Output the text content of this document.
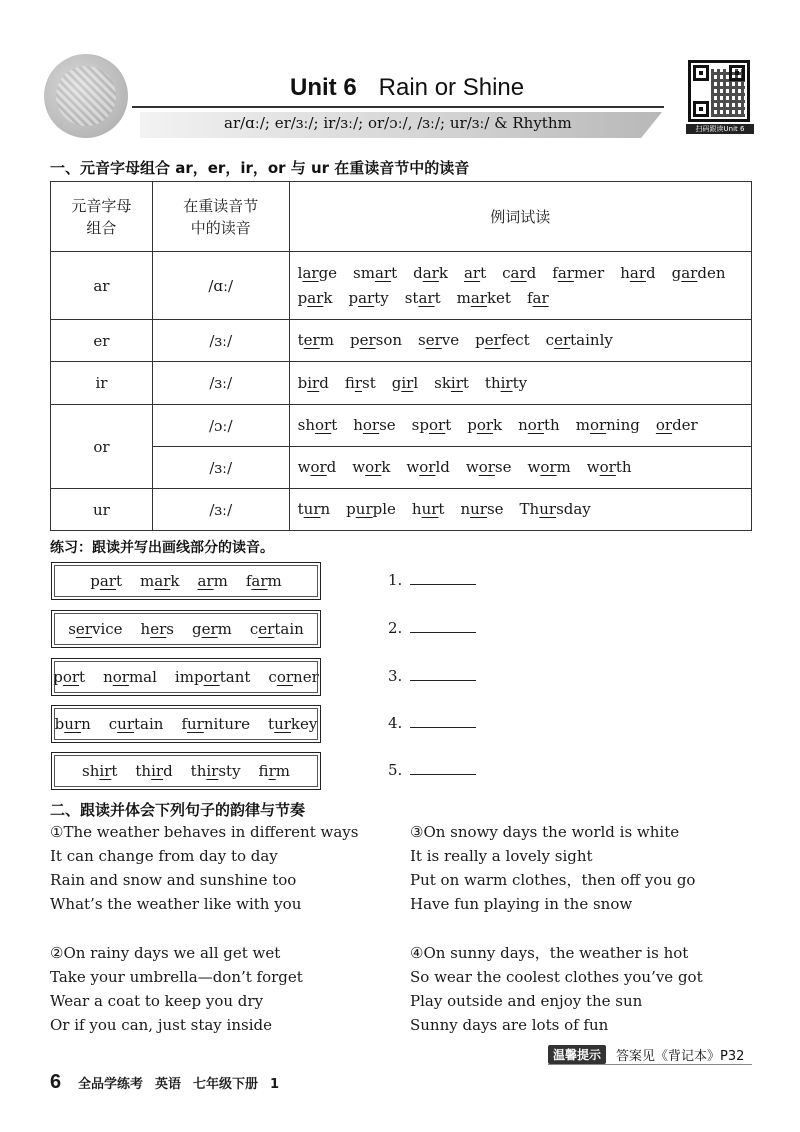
Unit 6 Rain or Shine
ar/ɑː/; er/ɜː/; ir/ɜː/; or/ɔː/, /ɜː/; ur/ɜː/ & Rhythm	扫码跟读Unit 6
一、元音字母组合 ar，er，ir，or 与 ur 在重读音节中的读音
元音字母
组合	在重读音节
中的读音	例词试读
ar	/ɑː/	large smart dark art card farmer hard garden
park party start market far

er	/ɜː/	term person serve perfect certainly

ir	/ɜː/	bird first girl skirt thirty

or	/ɔː/	short horse sport pork north morning order

	/ɜː/	word work world worse worm worth

ur	/ɜː/	turn purple hurt nurse Thursday
练习：跟读并写出画线部分的读音。
part mark arm farm	1.
service hers germ certain	2.
port normal important corner	3.
burn curtain furniture turkey	4.
shirt third thirsty firm	5.
二、跟读并体会下列句子的韵律与节奏
①The weather behaves in different ways
It can change from day to day
Rain and snow and sunshine too
What’s the weather like with you
③On snowy days the world is white
It is really a lovely sight
Put on warm clothes，then off you go
Have fun playing in the snow
②On rainy days we all get wet
Take your umbrella—don’t forget
Wear a coat to keep you dry
Or if you can, just stay inside
④On sunny days，the weather is hot
So wear the coolest clothes you’ve got
Play outside and enjoy the sun
Sunny days are lots of fun
温馨提示	答案见《背记本》P32
6 全品学练考 英语 七年级下册 1
